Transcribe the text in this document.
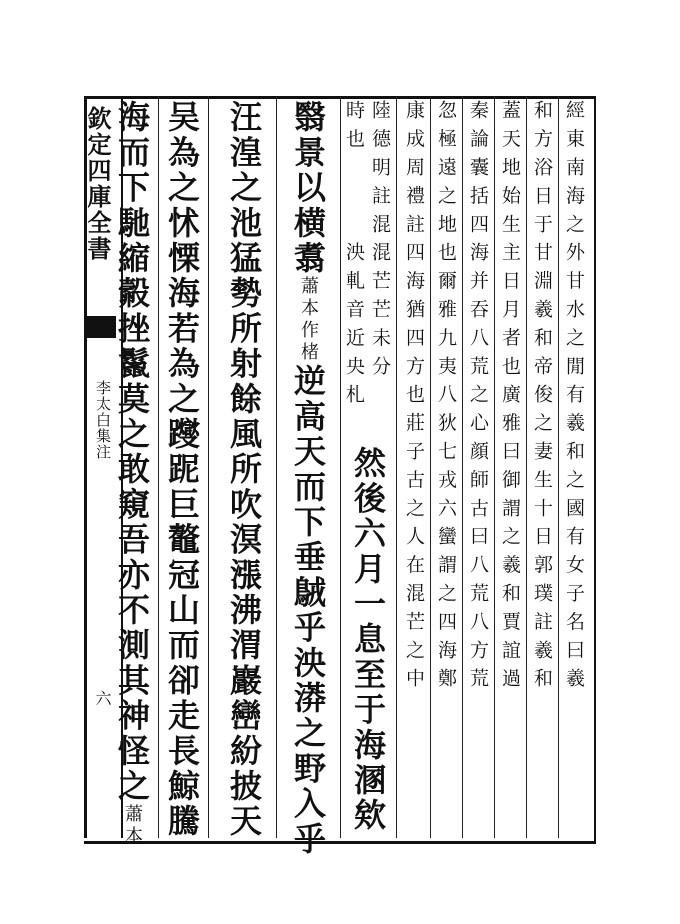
欽定四庫全書
李太白集注
六
經東南海之外甘水之閒有羲和之國有女子名曰羲
和方浴日于甘淵羲和帝俊之妻生十日郭璞註羲和
蓋天地始生主日月者也廣雅曰御謂之羲和賈誼過
秦論囊括四海并吞八荒之心顔師古曰八荒八方荒
忽極遠之地也爾雅九夷八狄七戎六蠻謂之四海鄭
康成周禮註四海猶四方也莊子古之人在混芒之中
陸德明註混混芒芒未分
時也　　　泱軋音近央札
然後六月一息至于海溷欸
翳景以横翥蕭本作楮逆高天而下垂𪀚乎泱漭之野入乎
汪湟之池猛勢所射餘風所吹溟漲沸渭巖巒紛披天
吴為之怵慄海若為之躞跜巨鼇冠山而卻走長鯨騰
海而下馳縮㲉挫鬣莫之敢窺吾亦不測其神怪之蕭本
